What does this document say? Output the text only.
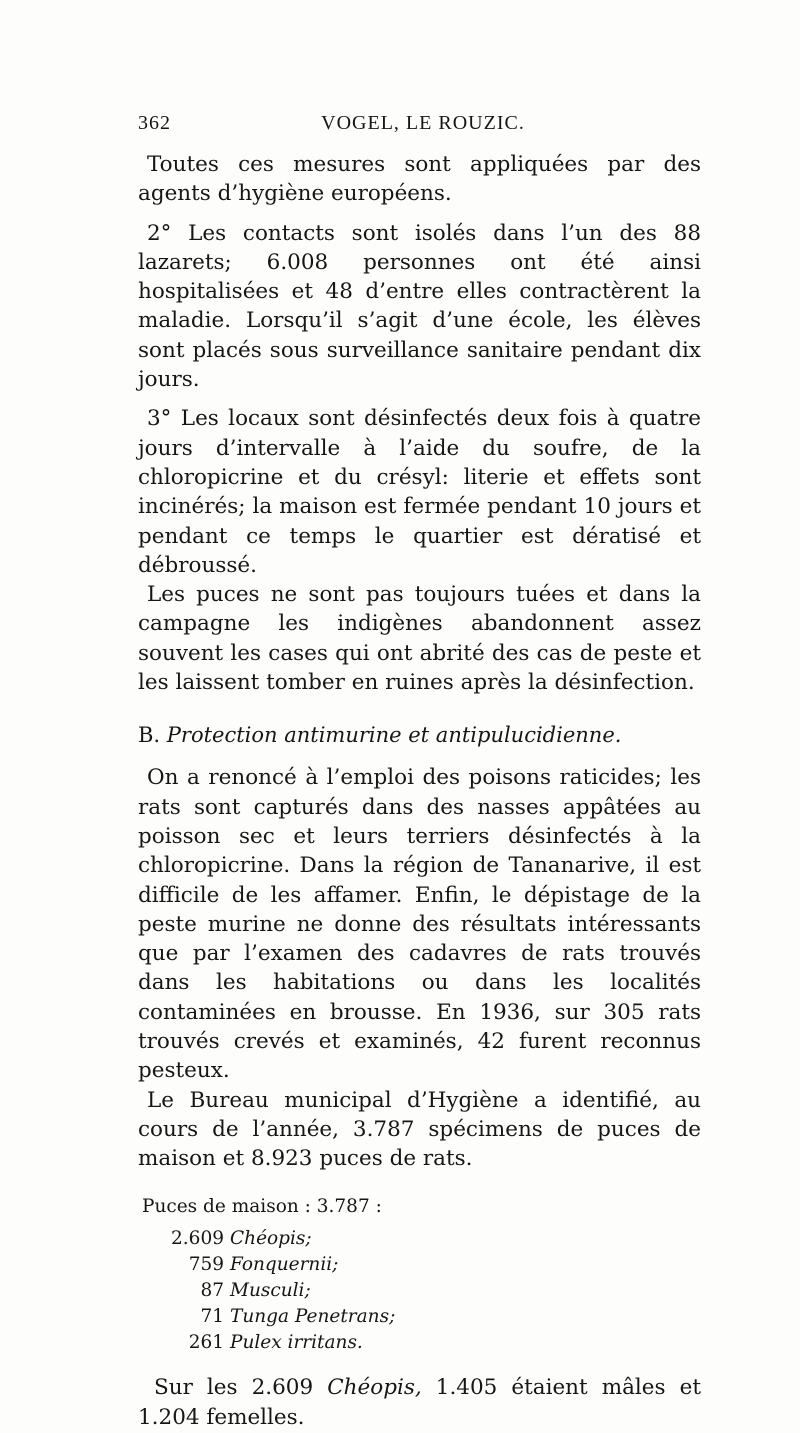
362	VOGEL, LE ROUZIC.

Toutes ces mesures sont appliquées par des agents d’hygiène européens.

2° Les contacts sont isolés dans l’un des 88 lazarets; 6.008 personnes ont été ainsi hospitalisées et 48 d’entre elles contractèrent la maladie. Lorsqu’il s’agit d’une école, les élèves sont placés sous surveillance sanitaire pendant dix jours.

3° Les locaux sont désinfectés deux fois à quatre jours d’intervalle à l’aide du soufre, de la chloropicrine et du crésyl: literie et effets sont incinérés; la maison est fermée pendant 10 jours et pendant ce temps le quartier est dératisé et débroussé.

Les puces ne sont pas toujours tuées et dans la campagne les indigènes abandonnent assez souvent les cases qui ont abrité des cas de peste et les laissent tomber en ruines après la désinfection.

B. Protection antimurine et antipulucidienne.

On a renoncé à l’emploi des poisons raticides; les rats sont capturés dans des nasses appâtées au poisson sec et leurs terriers désinfectés à la chloropicrine. Dans la région de Tananarive, il est difficile de les affamer. Enfin, le dépistage de la peste murine ne donne des résultats intéressants que par l’examen des cadavres de rats trouvés dans les habitations ou dans les localités contaminées en brousse. En 1936, sur 305 rats trouvés crevés et examinés, 42 furent reconnus pesteux.

Le Bureau municipal d’Hygiène a identifié, au cours de l’année, 3.787 spécimens de puces de maison et 8.923 puces de rats.

Puces de maison : 3.787 :
2.609 Chéopis;
759 Fonquernii;
87 Musculi;
71 Tunga Penetrans;
261 Pulex irritans.

Sur les 2.609 Chéopis, 1.405 étaient mâles et 1.204 femelles.
